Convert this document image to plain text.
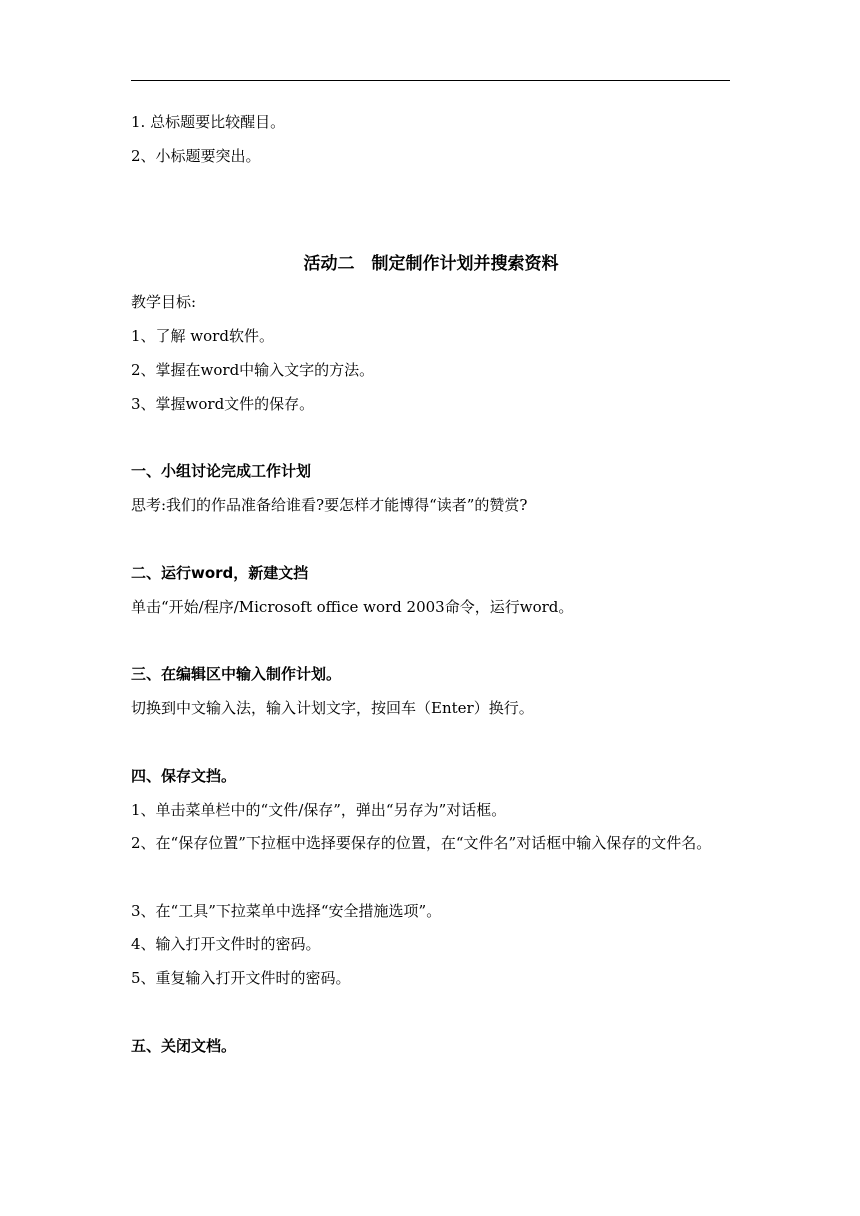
1. 总标题要比较醒目。
2、小标题要突出。
活动二　制定制作计划并搜索资料
教学目标:
1、了解 word软件。
2、掌握在word中输入文字的方法。
3、掌握word文件的保存。
一、小组讨论完成工作计划
思考:我们的作品准备给谁看?要怎样才能博得“读者”的赞赏?
二、运行word，新建文挡
单击“开始/程序/Microsoft office word 2003命令，运行word。
三、在编辑区中输入制作计划。
切换到中文输入法，输入计划文字，按回车（Enter）换行。
四、保存文挡。
1、单击菜单栏中的“文件/保存”，弹出“另存为”对话框。
2、在“保存位置”下拉框中选择要保存的位置，在“文件名”对话框中输入保存的文件名。
3、在“工具”下拉菜单中选择“安全措施选项”。
4、输入打开文件时的密码。
5、重复输入打开文件时的密码。
五、关闭文档。
